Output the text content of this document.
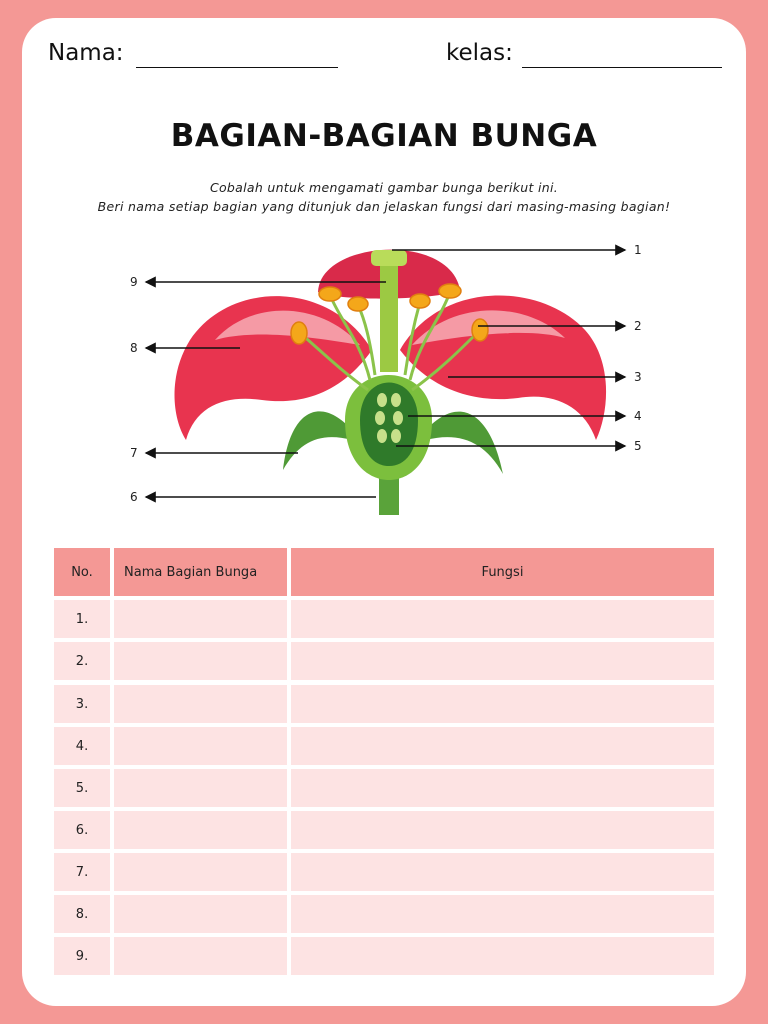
Nama:	kelas:
BAGIAN-BAGIAN BUNGA
Cobalah untuk mengamati gambar bunga berikut ini.
Beri nama setiap bagian yang ditunjuk dan jelaskan fungsi dari masing-masing bagian!
1
2
3
4
5
6
7
8
9
No.	Nama Bagian Bunga	Fungsi
1.
2.
3.
4.
5.
6.
7.
8.
9.
